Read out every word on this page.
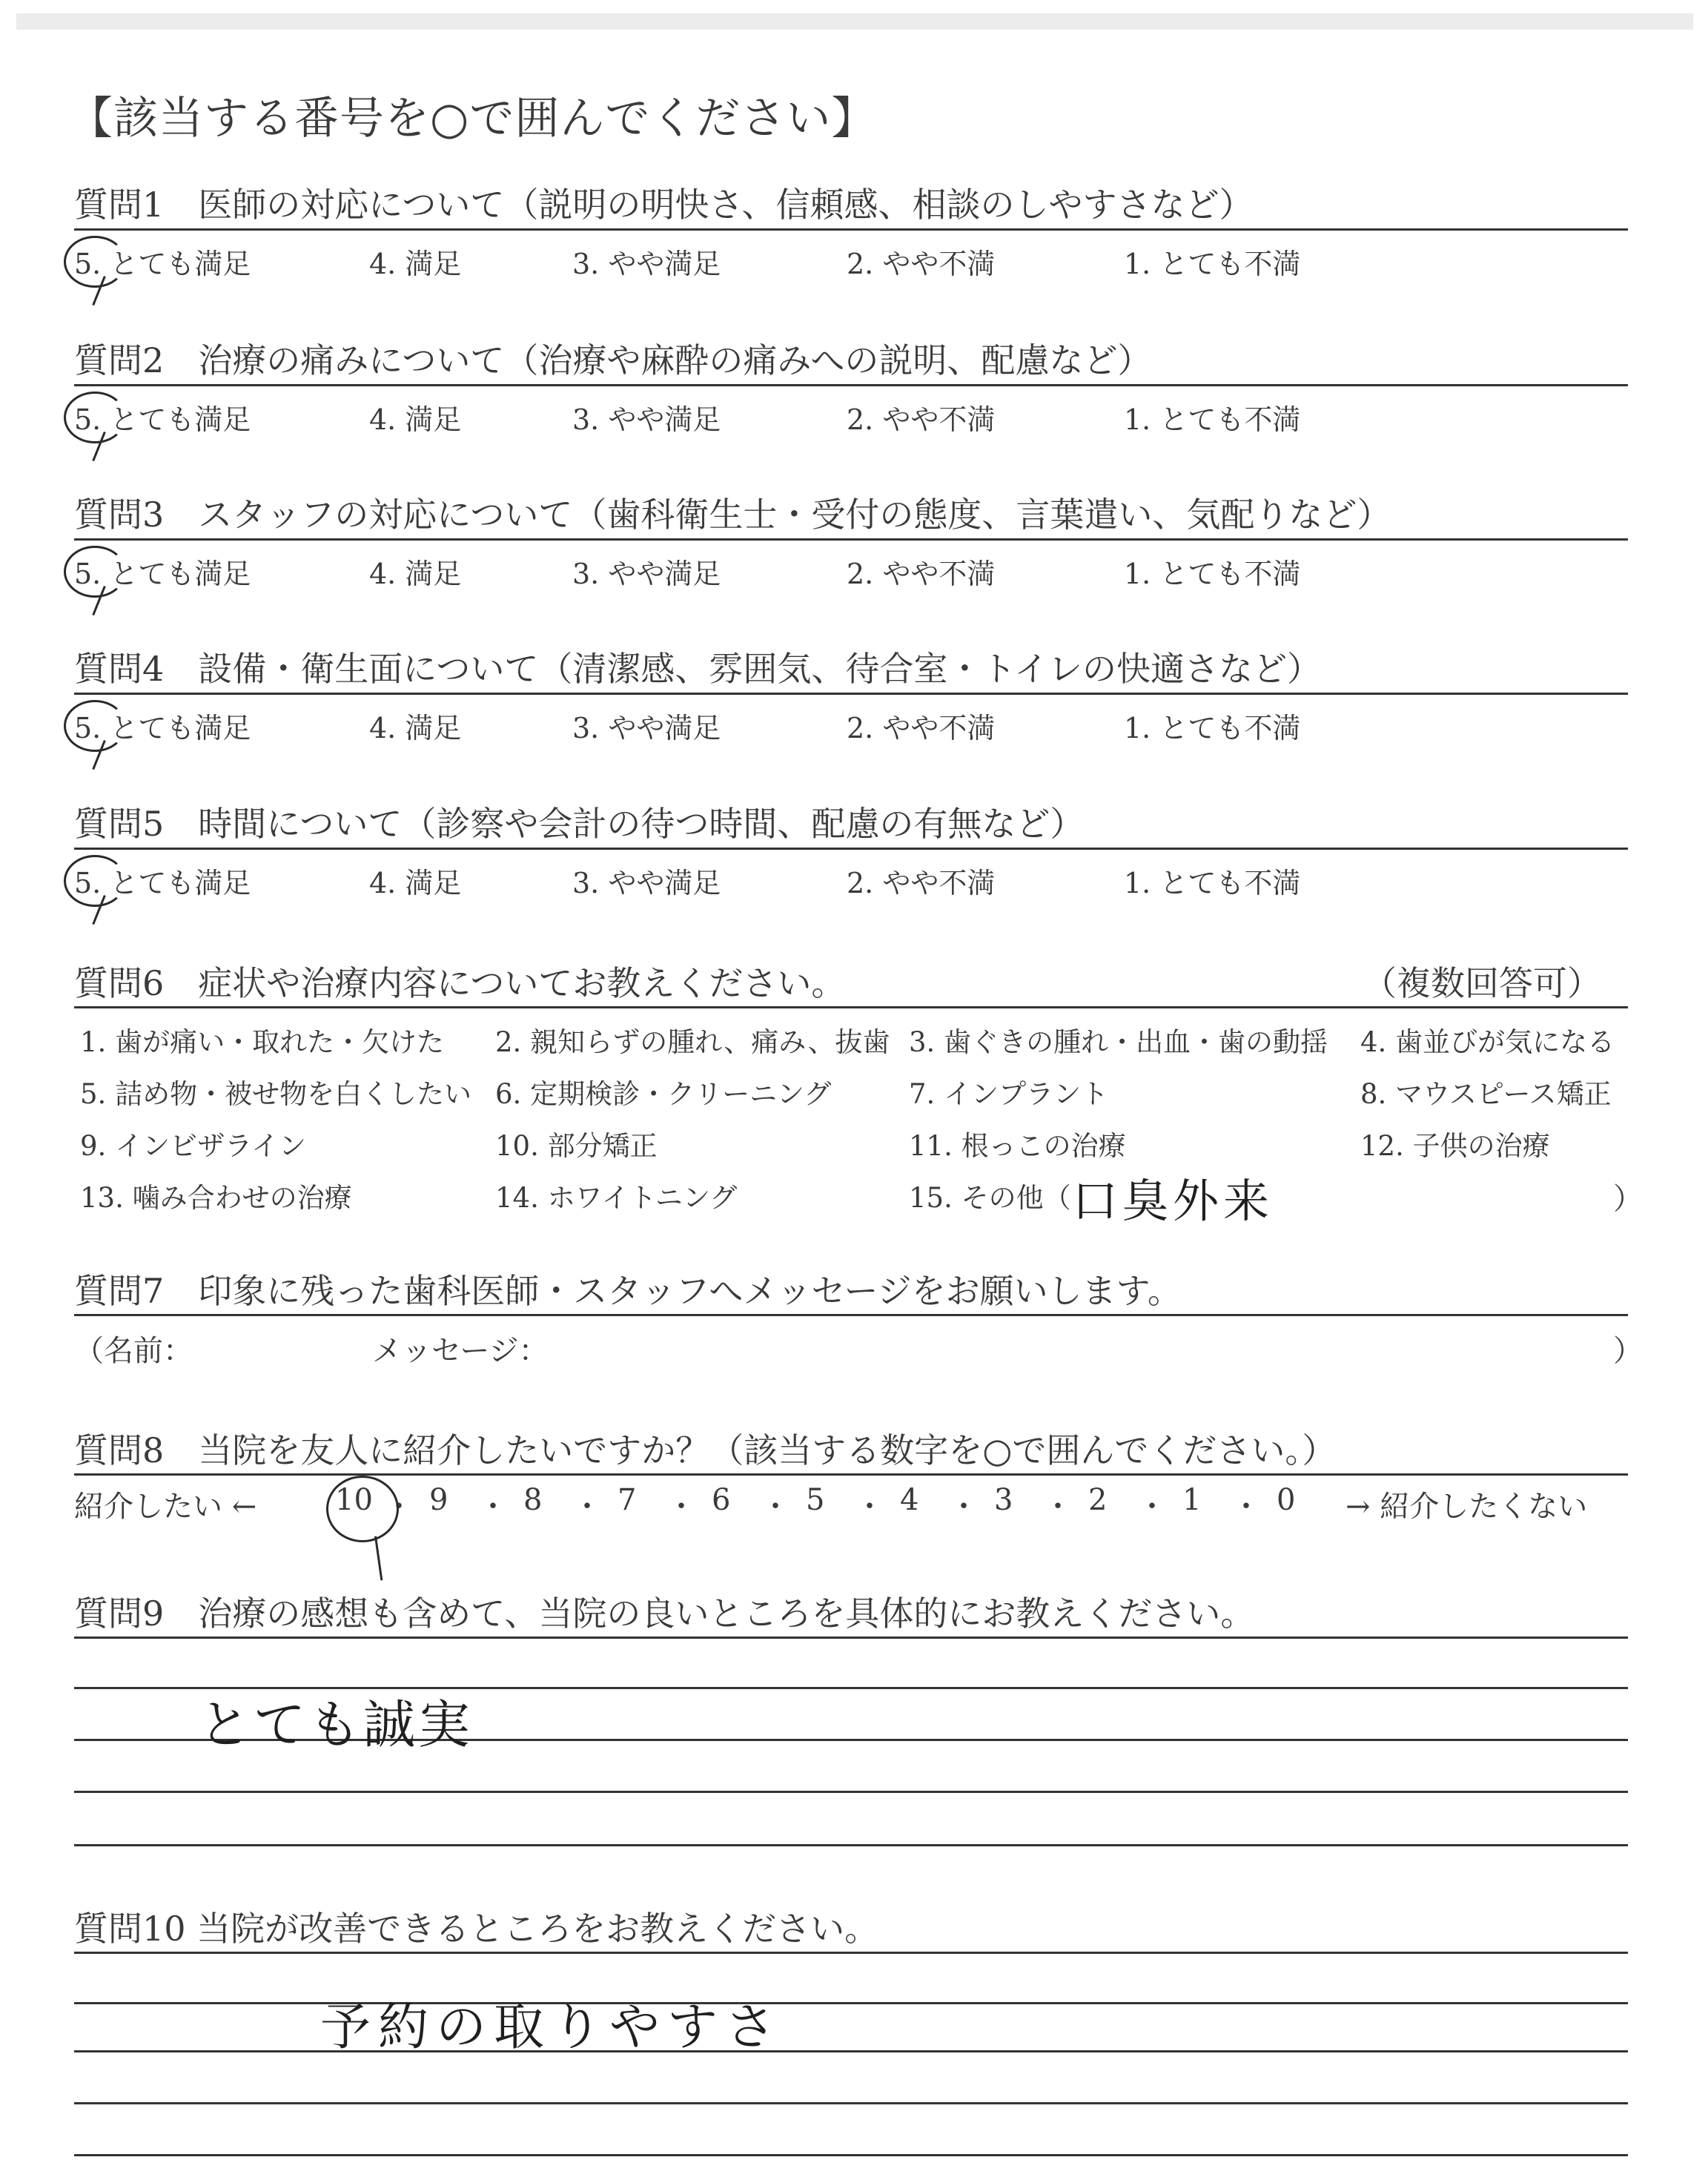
【該当する番号を○で囲んでください】
質問1　医師の対応について（説明の明快さ、信頼感、相談のしやすさなど）
5. とても満足	4. 満足	3. やや満足	2. やや不満	1. とても不満
質問2　治療の痛みについて（治療や麻酔の痛みへの説明、配慮など）
5. とても満足	4. 満足	3. やや満足	2. やや不満	1. とても不満
質問3　スタッフの対応について（歯科衛生士・受付の態度、言葉遣い、気配りなど）
5. とても満足	4. 満足	3. やや満足	2. やや不満	1. とても不満
質問4　設備・衛生面について（清潔感、雰囲気、待合室・トイレの快適さなど）
5. とても満足	4. 満足	3. やや満足	2. やや不満	1. とても不満
質問5　時間について（診察や会計の待つ時間、配慮の有無など）
5. とても満足	4. 満足	3. やや満足	2. やや不満	1. とても不満
質問6　症状や治療内容についてお教えください。	（複数回答可）
1. 歯が痛い・取れた・欠けた 2. 親知らずの腫れ、痛み、抜歯 3. 歯ぐきの腫れ・出血・歯の動揺 4. 歯並びが気になる
5. 詰め物・被せ物を白くしたい 6. 定期検診・クリーニング	7. インプラント	8. マウスピース矯正
9. インビザライン	10. 部分矯正	11. 根っこの治療	12. 子供の治療
13. 噛み合わせの治療	14. ホワイトニング	15. その他（	）
口臭外来
質問7　印象に残った歯科医師・スタッフへメッセージをお願いします。
（名前：	メッセージ：	）
質問8　当院を友人に紹介したいですか？（該当する数字を○で囲んでください。）
紹介したい ←	10 ・ 9 ・ 8 ・ 7 ・ 6 ・ 5 ・ 4 ・ 3 ・ 2 ・ 1 ・ 0 → 紹介したくない
質問9　治療の感想も含めて、当院の良いところを具体的にお教えください。
とても誠実
質問10 当院が改善できるところをお教えください。
予約の取りやすさ
